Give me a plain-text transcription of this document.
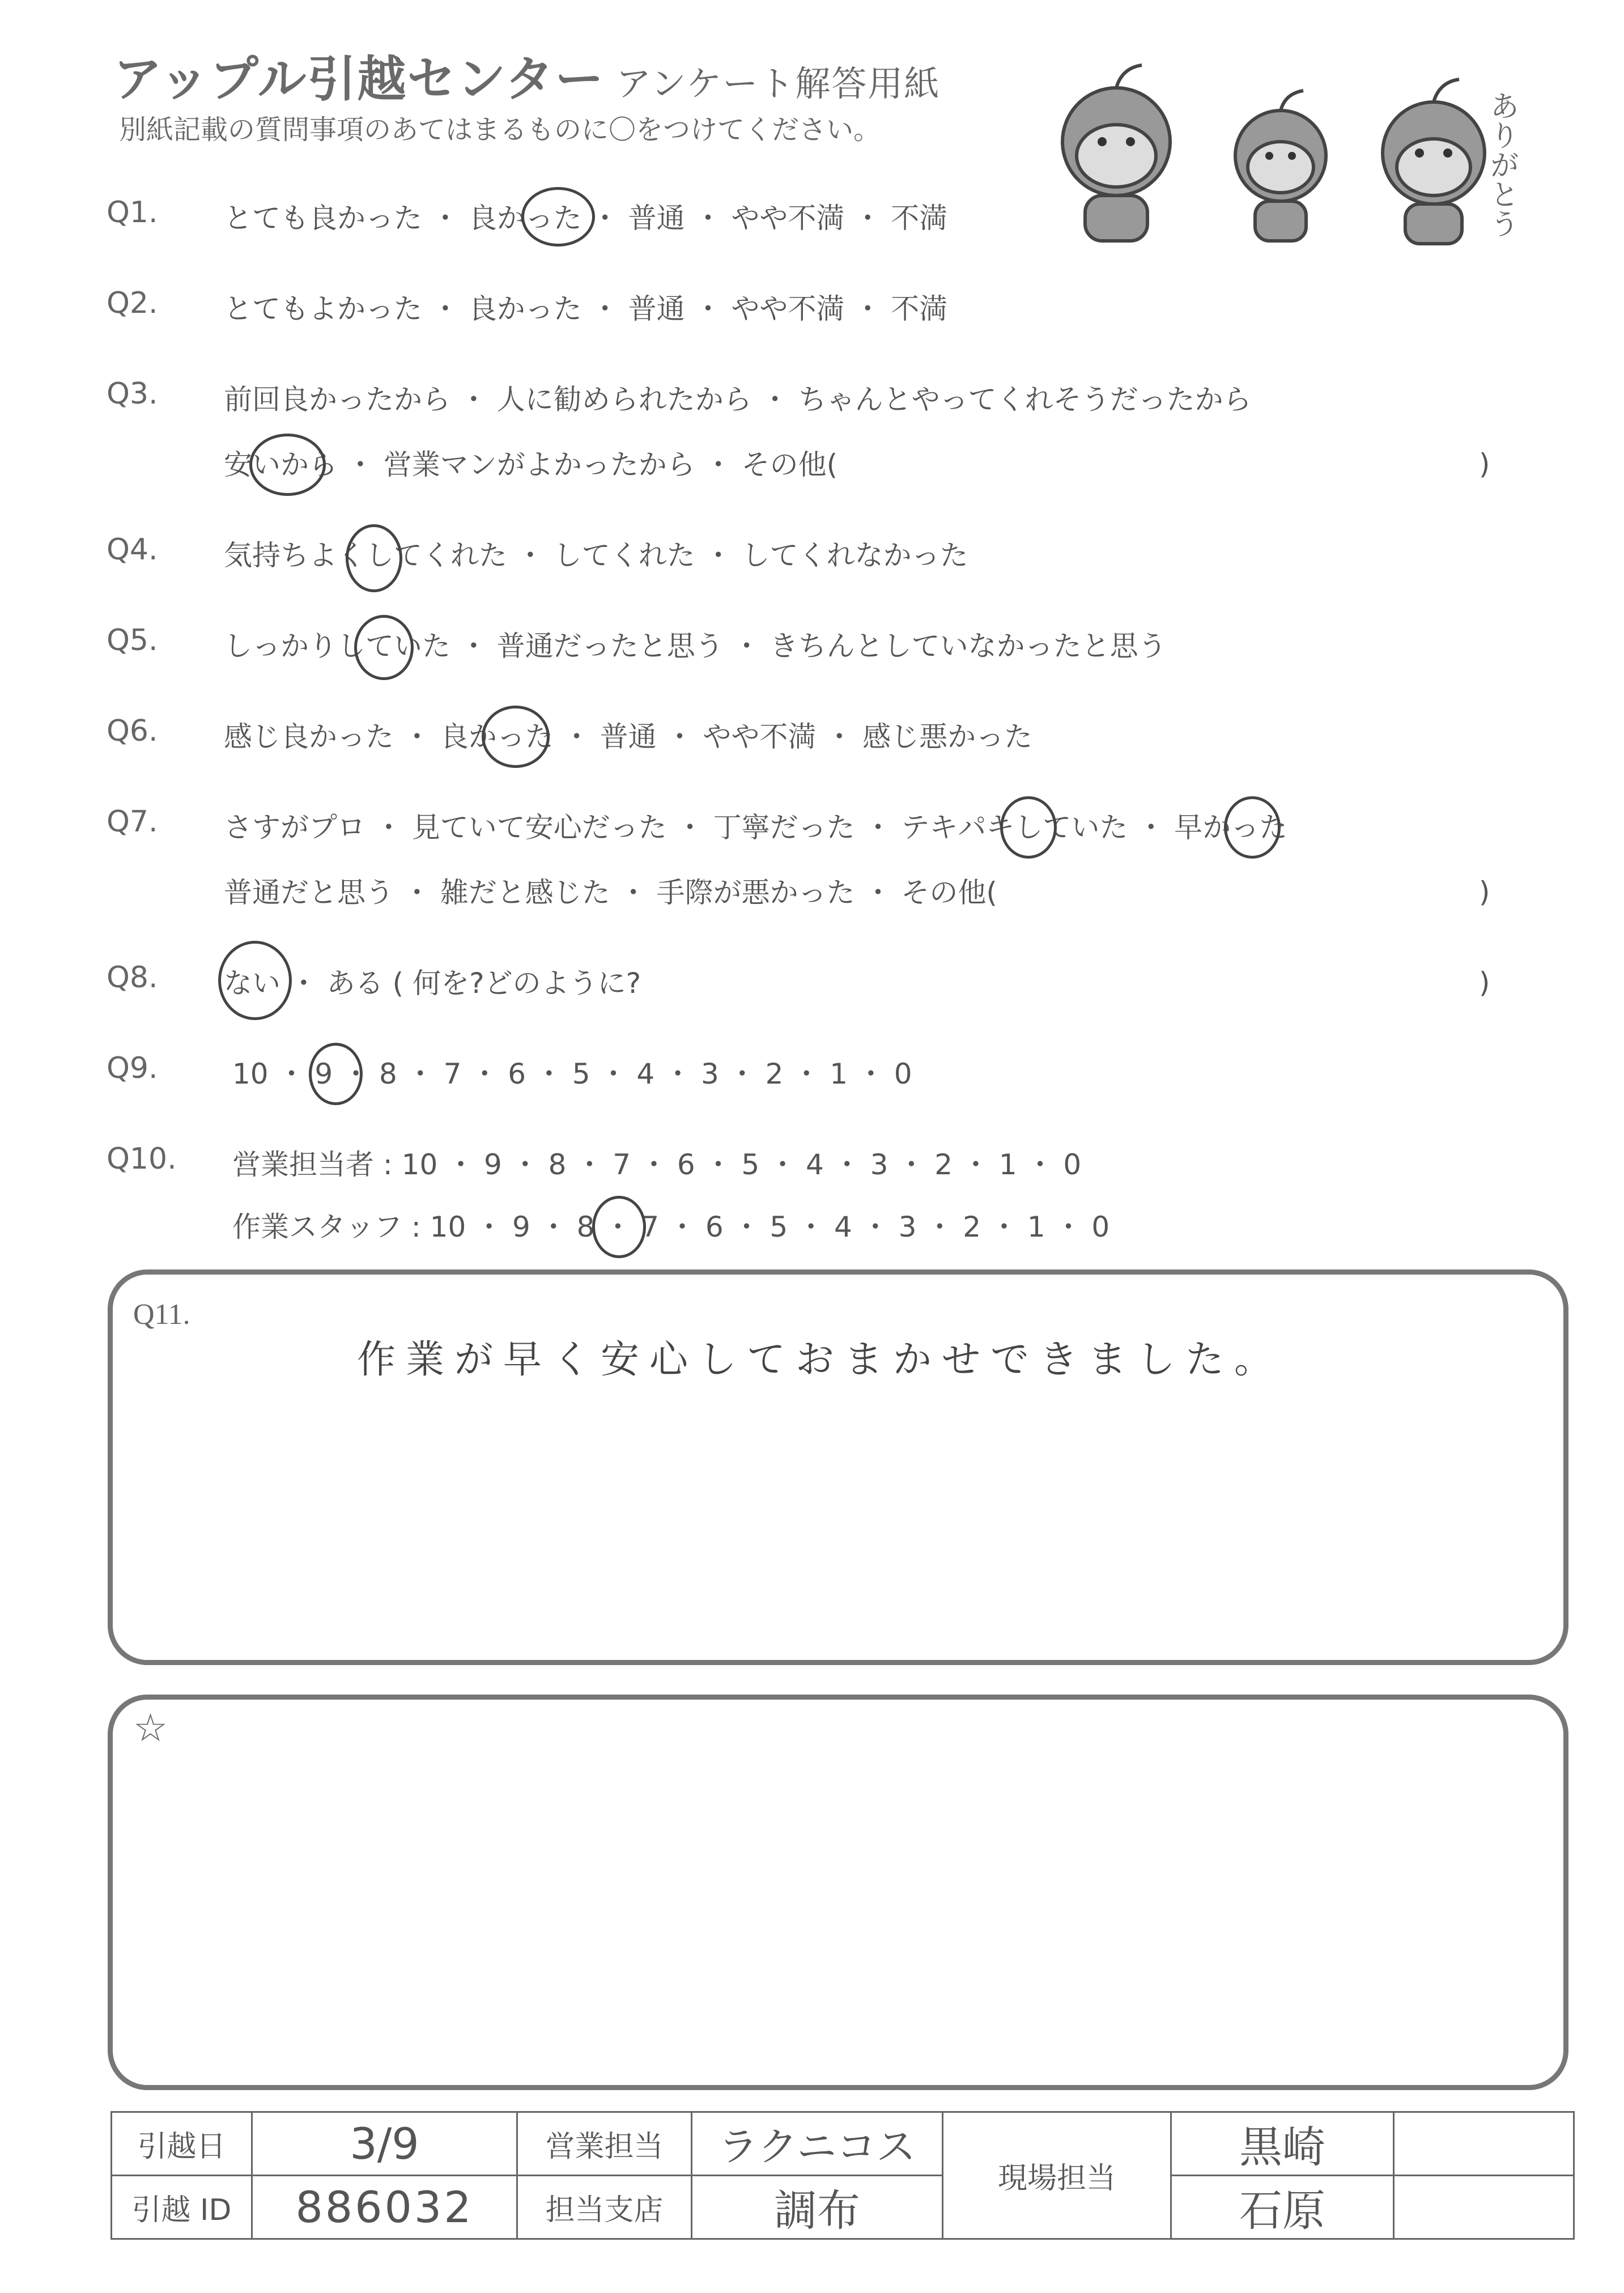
アップル引越センター アンケート解答用紙
別紙記載の質問事項のあてはまるものに〇をつけてください。	ありがとう
Q1. とても良かった ・ 良かった ・ 普通 ・ やや不満 ・ 不満
Q2. とてもよかった ・ 良かった ・ 普通 ・ やや不満 ・ 不満
Q3. 前回良かったから ・ 人に勧められたから ・ ちゃんとやってくれそうだったから
安いから ・ 営業マンがよかったから ・ その他(	)
Q4. 気持ちよくしてくれた ・ してくれた ・ してくれなかった
Q5. しっかりしていた ・ 普通だったと思う ・ きちんとしていなかったと思う
Q6. 感じ良かった ・ 良かった ・ 普通 ・ やや不満 ・ 感じ悪かった
Q7. さすがプロ ・ 見ていて安心だった ・ 丁寧だった ・ テキパキしていた ・ 早かった
普通だと思う ・ 雑だと感じた ・ 手際が悪かった ・ その他(	)
Q8. ない ・ ある ( 何を?どのように?	)
Q9.	10 ・ 9 ・ 8 ・ 7 ・ 6 ・ 5 ・ 4 ・ 3 ・ 2 ・ 1 ・ 0
Q10. 営業担当者 : 10 ・ 9 ・ 8 ・ 7 ・ 6 ・ 5 ・ 4 ・ 3 ・ 2 ・ 1 ・ 0
作業スタッフ : 10 ・ 9 ・ 8 ・ 7 ・ 6 ・ 5 ・ 4 ・ 3 ・ 2 ・ 1 ・ 0
Q11.
作業が早く安心しておまかせできました。
☆
引越日	3/9	営業担当	ラクニコス	現場担当	黒崎	
引越 ID	886032	担当支店	調布		石原	
